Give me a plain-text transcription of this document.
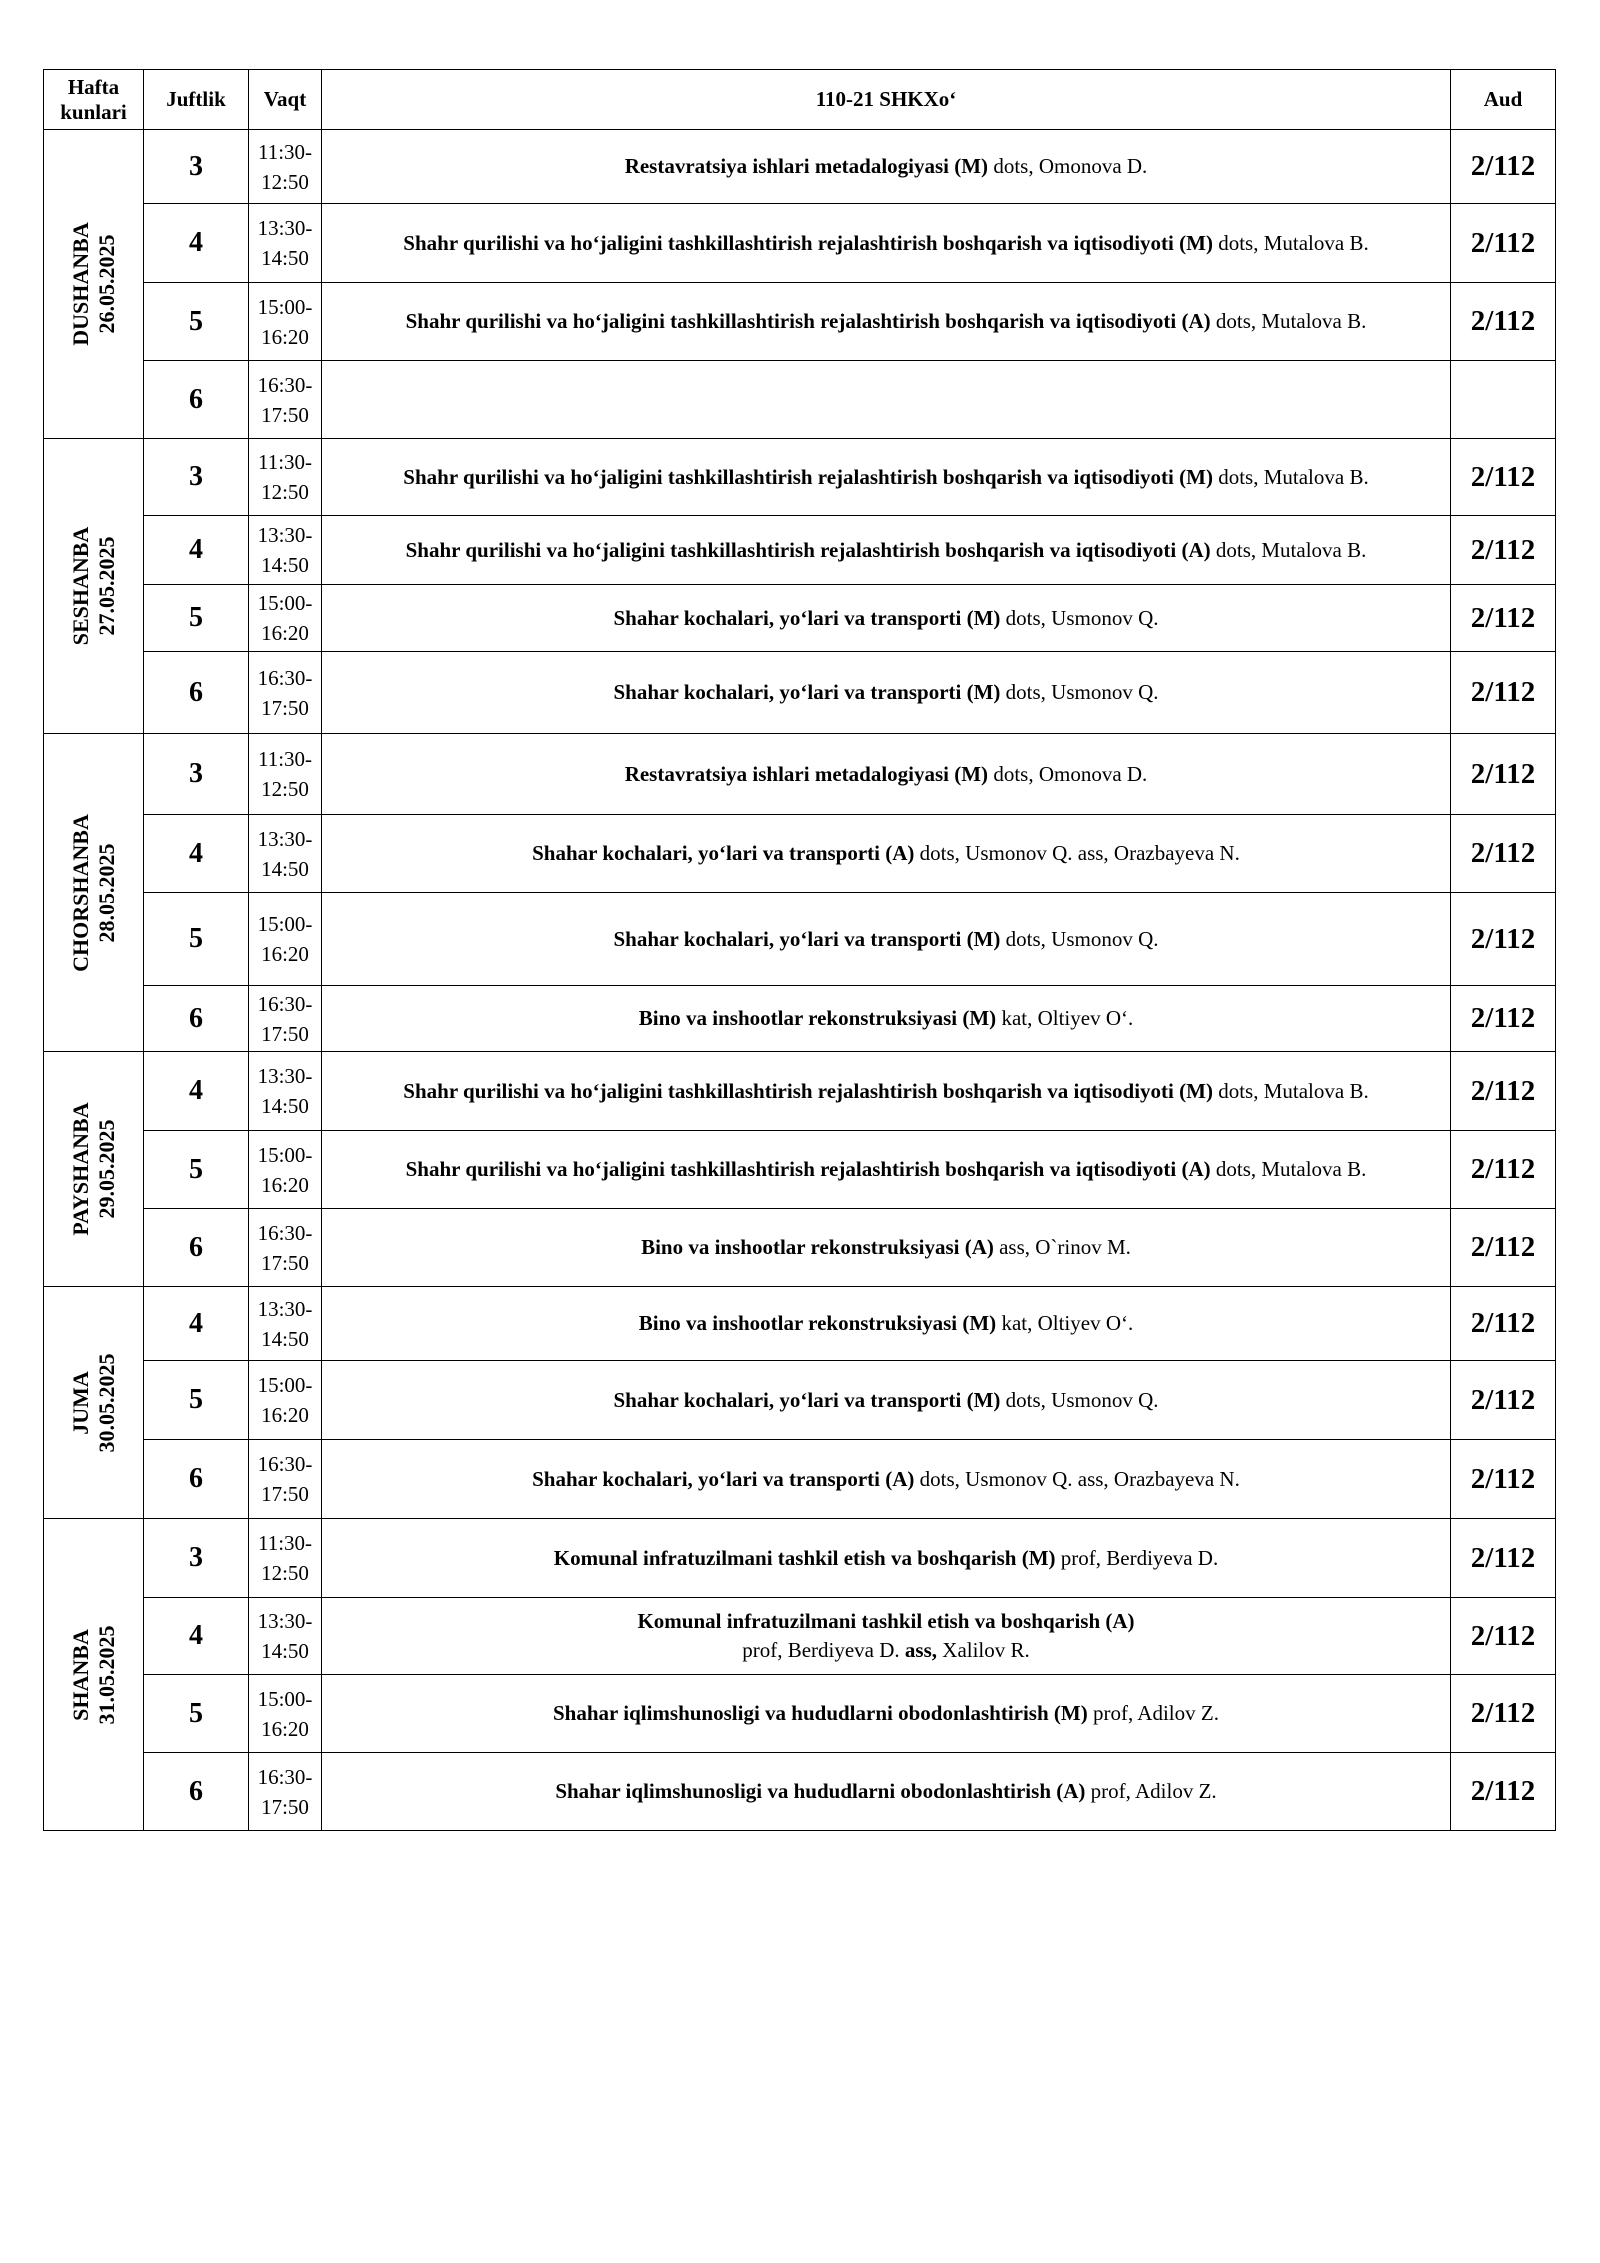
Hafta kunlari	Juftlik	Vaqt	110-21 SHKXo‘	Aud

DUSHANBA 26.05.2025	3	11:30-12:50	Restavratsiya ishlari metadalogiyasi (M) dots, Omonova D.	2/112
	4	13:30-14:50	Shahr qurilishi va ho‘jaligini tashkillashtirish rejalashtirish boshqarish va iqtisodiyoti (M) dots, Mutalova B.	2/112
	5	15:00-16:20	Shahr qurilishi va ho‘jaligini tashkillashtirish rejalashtirish boshqarish va iqtisodiyoti (A) dots, Mutalova B.	2/112
	6	16:30-17:50		

SESHANBA 27.05.2025	3	11:30-12:50	Shahr qurilishi va ho‘jaligini tashkillashtirish rejalashtirish boshqarish va iqtisodiyoti (M) dots, Mutalova B.	2/112
	4	13:30-14:50	Shahr qurilishi va ho‘jaligini tashkillashtirish rejalashtirish boshqarish va iqtisodiyoti (A) dots, Mutalova B.	2/112
	5	15:00-16:20	Shahar kochalari, yo‘lari va transporti (M) dots, Usmonov Q.	2/112
	6	16:30-17:50	Shahar kochalari, yo‘lari va transporti (M) dots, Usmonov Q.	2/112

CHORSHANBA 28.05.2025	3	11:30-12:50	Restavratsiya ishlari metadalogiyasi (M) dots, Omonova D.	2/112
	4	13:30-14:50	Shahar kochalari, yo‘lari va transporti (A) dots, Usmonov Q. ass, Orazbayeva N.	2/112
	5	15:00-16:20	Shahar kochalari, yo‘lari va transporti (M) dots, Usmonov Q.	2/112
	6	16:30-17:50	Bino va inshootlar rekonstruksiyasi (M) kat, Oltiyev O‘.	2/112

PAYSHANBA 29.05.2025	4	13:30-14:50	Shahr qurilishi va ho‘jaligini tashkillashtirish rejalashtirish boshqarish va iqtisodiyoti (M) dots, Mutalova B.	2/112
	5	15:00-16:20	Shahr qurilishi va ho‘jaligini tashkillashtirish rejalashtirish boshqarish va iqtisodiyoti (A) dots, Mutalova B.	2/112
	6	16:30-17:50	Bino va inshootlar rekonstruksiyasi (A) ass, O`rinov M.	2/112

JUMA 30.05.2025	4	13:30-14:50	Bino va inshootlar rekonstruksiyasi (M) kat, Oltiyev O‘.	2/112
	5	15:00-16:20	Shahar kochalari, yo‘lari va transporti (M) dots, Usmonov Q.	2/112
	6	16:30-17:50	Shahar kochalari, yo‘lari va transporti (A) dots, Usmonov Q. ass, Orazbayeva N.	2/112

SHANBA 31.05.2025	3	11:30-12:50	Komunal infratuzilmani tashkil etish va boshqarish (M) prof, Berdiyeva D.	2/112
	4	13:30-14:50	Komunal infratuzilmani tashkil etish va boshqarish (A)
prof, Berdiyeva D. ass, Xalilov R.	2/112
	5	15:00-16:20	Shahar iqlimshunosligi va hududlarni obodonlashtirish (M) prof, Adilov Z.	2/112
	6	16:30-17:50	Shahar iqlimshunosligi va hududlarni obodonlashtirish (A) prof, Adilov Z.	2/112
